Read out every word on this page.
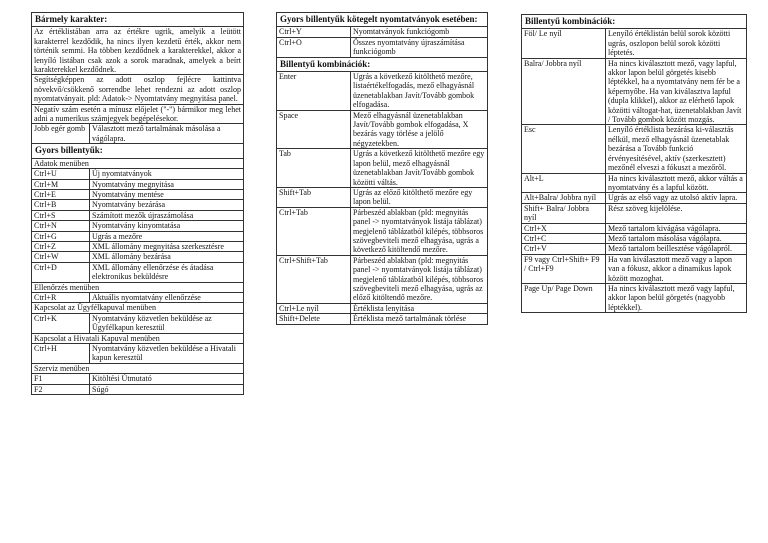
Bármely karakter:	
Az értéklistában arra az értékre ugrik, amelyik a leütött karakterrel kezdődik, ha nincs ilyen kezdetű érték, akkor nem történik semmi. Ha többen kezdődnek a karakterekkel, akkor a lenyíló listában csak azok a sorok maradnak, amelyek a beírt karakterekkel kezdődnek.	
Segítségképpen az adott oszlop fejlécre kattintva növekvő/csökkenő sorrendbe lehet rendezni az adott oszlop nyomtatványait. pld: Adatok-> Nyomtatvány megnyitása panel.	
Negatív szám esetén a mínusz előjelet ("-") bármikor meg lehet adni a numerikus számjegyek begépelésekor.	
Jobb egér gomb	Választott mező tartalmának másolása a vágólapra.
Gyors billentyűk:	
Adatok menüben	
Ctrl+U	Új nyomtatványok
Ctrl+M	Nyomtatvány megnyitása
Ctrl+E	Nyomtatvány mentése
Ctrl+B	Nyomtatvány bezárása
Ctrl+S	Számított mezők újraszámolása
Ctrl+N	Nyomtatvány kinyomtatása
Ctrl+G	Ugrás a mezőre
Ctrl+Z	XML állomány megnyitása szerkesztésre
Ctrl+W	XML állomány bezárása
Ctrl+D	XML állomány ellenőrzése és átadása elektronikus beküldésre
Ellenőrzés menüben	
Ctrl+R	Aktuális nyomtatvány ellenőrzése
Kapcsolat az Ügyfélkapuval menüben	
Ctrl+K	Nyomtatvány közvetlen beküldése az Ügyfélkapun keresztül
Kapcsolat a Hivatali Kapuval menüben	
Ctrl+H	Nyomtatvány közvetlen beküldése a Hivatali kapun keresztül
Szerviz menüben	
F1	Kitöltési Útmutató
F2	Súgó
Gyors billentyűk kötegelt nyomtatványok esetében:	
Ctrl+Y	Nyomtatványok funkciógomb
Ctrl+O	Összes nyomtatvány újraszámítása funkciógomb
Billentyű kombinációk:	
Enter	Ugrás a következő kitölthető mezőre, listaértékelfogadás, mező elhagyásnál üzenetablakban Javít/Tovább gombok elfogadása.
Space	Mező elhagyásnál üzenetablakban Javít/Tovább gombok elfogadása, X bezárás vagy törlése a jelölő négyzetekben.
Tab	Ugrás a következő kitölthető mezőre egy lapon belül, mező elhagyásnál üzenetablakban Javít/Tovább gombok közötti váltás.
Shift+Tab	Ugrás az előző kitölthető mezőre egy lapon belül.
Ctrl+Tab	Párbeszéd ablakban (pld: megnyitás panel -> nyomtatványok listája táblázat) megjelenő táblázatból kilépés, többsoros szövegbeviteli mező elhagyása, ugrás a következő kitöltendő mezőre.
Ctrl+Shift+Tab	Párbeszéd ablakban (pld: megnyitás panel -> nyomtatványok listája táblázat) megjelenő táblázatból kilépés, többsoros szövegbeviteli mező elhagyása, ugrás az előző kitöltendő mezőre.
Ctrl+Le nyíl	Értéklista lenyitása
Shift+Delete	Értéklista mező tartalmának törlése
Billentyű kombinációk:	
Föl/ Le nyíl	Lenyíló értéklistán belül sorok közötti ugrás, oszlopon belül sorok közötti léptetés.
Balra/ Jobbra nyíl	Ha nincs kiválasztott mező, vagy lapful, akkor lapon belül görgetés kisebb léptékkel, ha a nyomtatvány nem fér be a képernyőbe. Ha van kiválasztva lapful (dupla klikkel), akkor az elérhető lapok közötti váltogat-hat, üzenetablakban Javít / Tovább gombok között mozgás.
Esc	Lenyíló értéklista bezárása ki-választás nélkül, mező elhagyásnál üzenetablak bezárása a Tovább funkció érvényesítésével, aktív (szerkesztett) mezőnél elveszi a fókuszt a mezőről.
Alt+L	Ha nincs kiválasztott mező, akkor váltás a nyomtatvány és a lapful között.
Alt+Balra/ Jobbra nyíl	Ugrás az első vagy az utolsó aktív lapra.
Shift+ Balra/ Jobbra nyíl	Rész szöveg kijelölése.
Ctrl+X	Mező tartalom kivágása vágólapra.
Ctrl+C	Mező tartalom másolása vágólapra.
Ctrl+V	Mező tartalom beillesztése vágólapról.
F9 vagy Ctrl+Shift+ F9 / Ctrl+F9	Ha van kiválasztott mező vagy a lapon van a fókusz, akkor a dinamikus lapok között mozoghat.
Page Up/ Page Down	Ha nincs kiválasztott mező vagy lapful, akkor lapon belül görgetés (nagyobb léptékkel).
